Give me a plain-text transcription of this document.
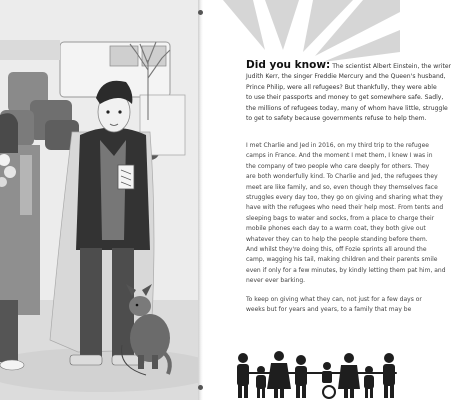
Did you know: The scientist Albert Einstein, the writer
Judith Kerr, the singer Freddie Mercury and the Queen's husband,
Prince Philip, were all refugees? But thankfully, they were able
to use their passports and money to get somewhere safe. Sadly,
the millions of refugees today, many of whom have little, struggle
to get to safety because governments refuse to help them.
I met Charlie and Jed in 2016, on my third trip to the refugee
camps in France. And the moment I met them, I knew I was in
the company of two people who care deeply for others. They
are both wonderfully kind. To Charlie and Jed, the refugees they
meet are like family, and so, even though they themselves face
struggles every day too, they go on giving and sharing what they
have with the refugees who need their help most. From tents and
sleeping bags to water and socks, from a place to charge their
mobile phones each day to a warm coat, they both give out
whatever they can to help the people standing before them.
And whilst they're doing this, off Fozie sprints all around the
camp, wagging his tail, making children and their parents smile
even if only for a few minutes, by kindly letting them pat him, and
never ever barking.
To keep on giving what they can, not just for a few days or
weeks but for years and years, to a family that may be
